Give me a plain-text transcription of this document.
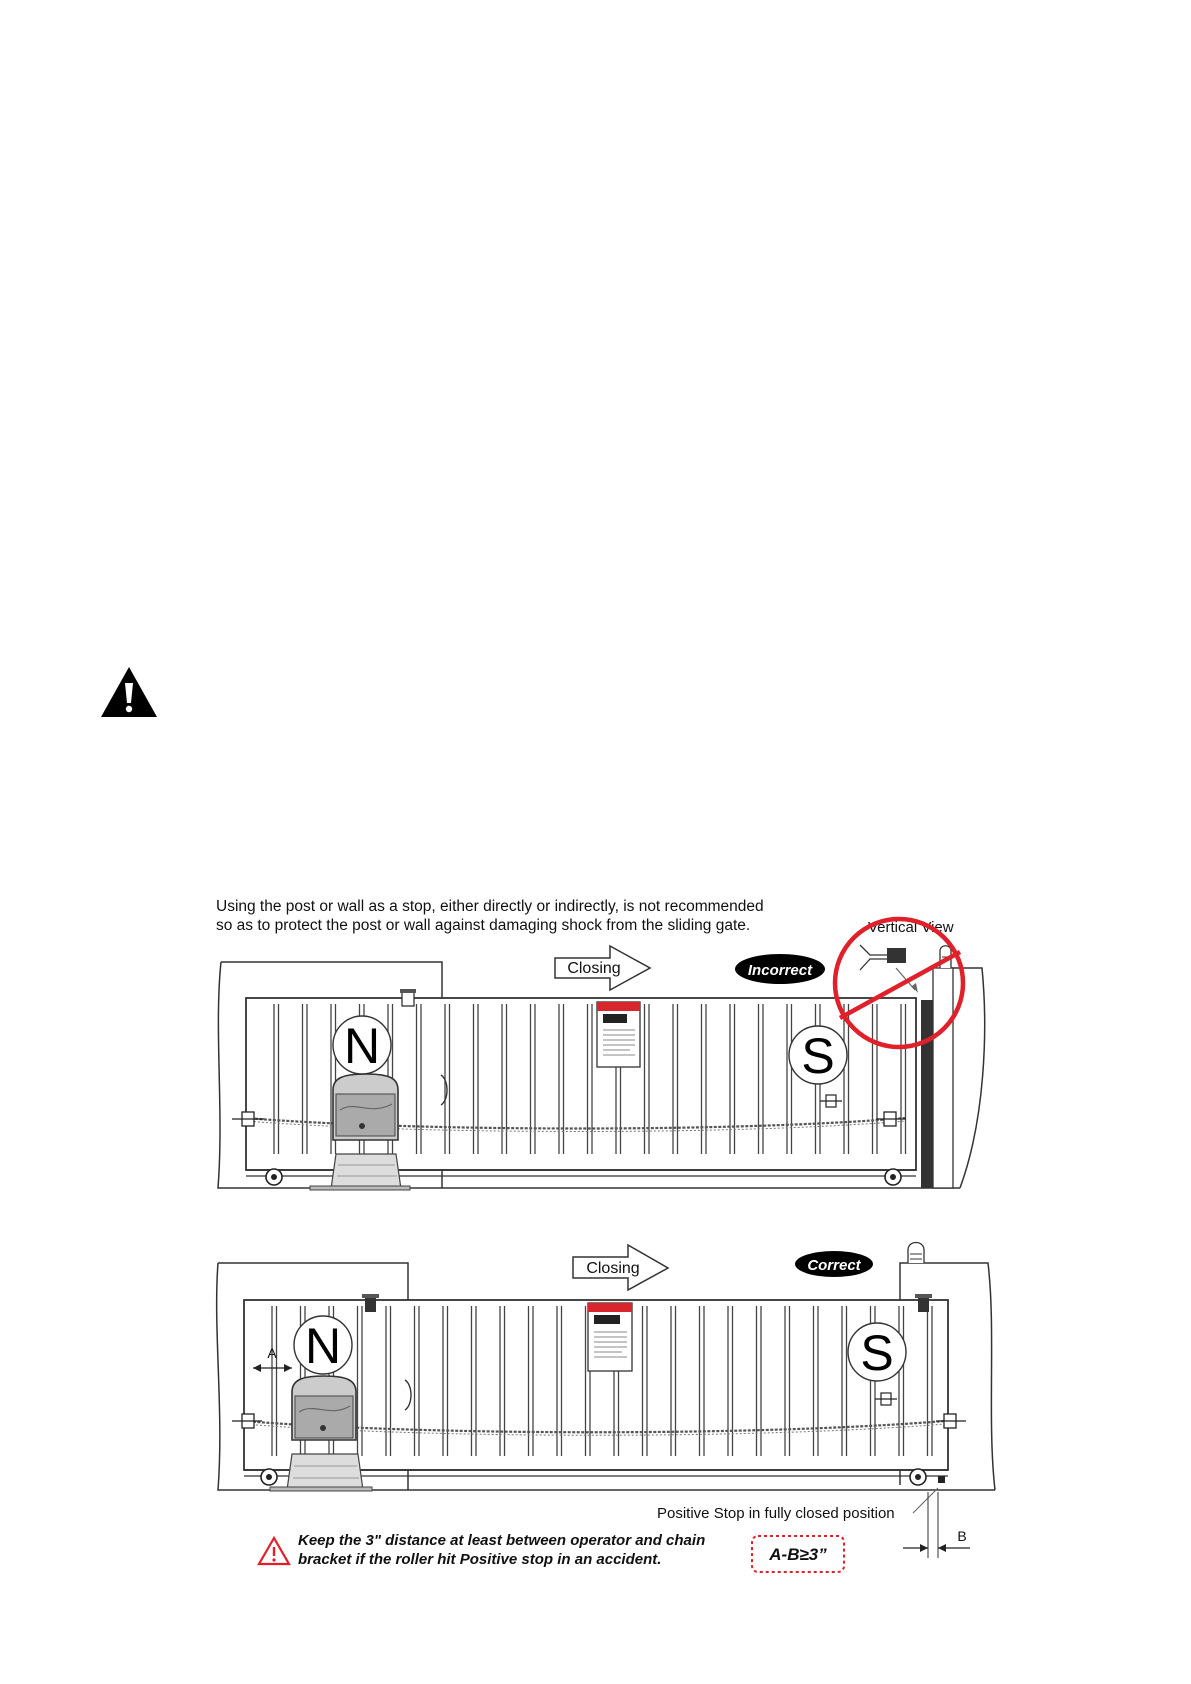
Using the post or wall as a stop, either directly or indirectly, is not recommended
so as to protect the post or wall against damaging shock from the sliding gate.
N	S
Closing	Incorrect
Vertical View
N
A	S
Closing	Correct
Positive Stop in fully closed position
B
Keep the 3" distance at least between operator and chain
bracket if the roller hit Positive stop in an accident.	A-B≥3”
